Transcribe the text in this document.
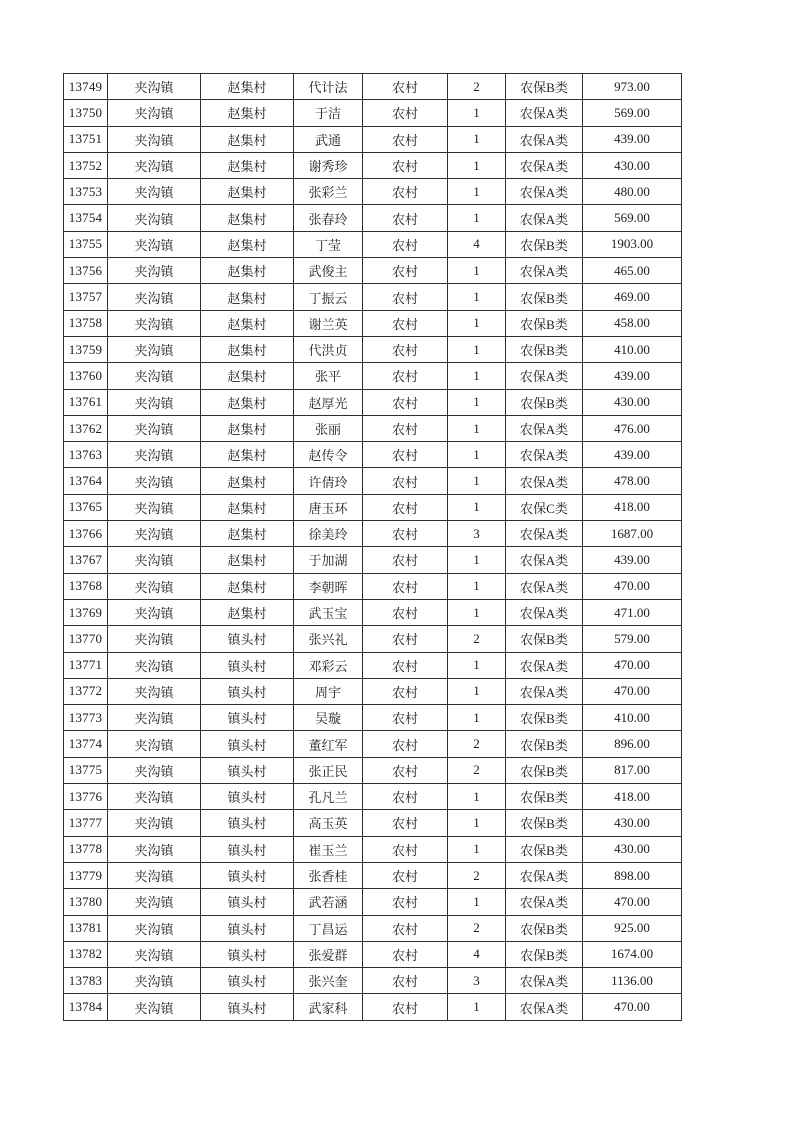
13749	夹沟镇	赵集村	代计法	农村	2	农保B类	973.00
13750	夹沟镇	赵集村	于洁	农村	1	农保A类	569.00
13751	夹沟镇	赵集村	武通	农村	1	农保A类	439.00
13752	夹沟镇	赵集村	谢秀珍	农村	1	农保A类	430.00
13753	夹沟镇	赵集村	张彩兰	农村	1	农保A类	480.00
13754	夹沟镇	赵集村	张春玲	农村	1	农保A类	569.00
13755	夹沟镇	赵集村	丁莹	农村	4	农保B类	1903.00
13756	夹沟镇	赵集村	武俊主	农村	1	农保A类	465.00
13757	夹沟镇	赵集村	丁振云	农村	1	农保B类	469.00
13758	夹沟镇	赵集村	谢兰英	农村	1	农保B类	458.00
13759	夹沟镇	赵集村	代洪贞	农村	1	农保B类	410.00
13760	夹沟镇	赵集村	张平	农村	1	农保A类	439.00
13761	夹沟镇	赵集村	赵厚光	农村	1	农保B类	430.00
13762	夹沟镇	赵集村	张丽	农村	1	农保A类	476.00
13763	夹沟镇	赵集村	赵传令	农村	1	农保A类	439.00
13764	夹沟镇	赵集村	许倩玲	农村	1	农保A类	478.00
13765	夹沟镇	赵集村	唐玉环	农村	1	农保C类	418.00
13766	夹沟镇	赵集村	徐美玲	农村	3	农保A类	1687.00
13767	夹沟镇	赵集村	于加湖	农村	1	农保A类	439.00
13768	夹沟镇	赵集村	李朝晖	农村	1	农保A类	470.00
13769	夹沟镇	赵集村	武玉宝	农村	1	农保A类	471.00
13770	夹沟镇	镇头村	张兴礼	农村	2	农保B类	579.00
13771	夹沟镇	镇头村	邓彩云	农村	1	农保A类	470.00
13772	夹沟镇	镇头村	周宇	农村	1	农保A类	470.00
13773	夹沟镇	镇头村	吴璇	农村	1	农保B类	410.00
13774	夹沟镇	镇头村	董红军	农村	2	农保B类	896.00
13775	夹沟镇	镇头村	张正民	农村	2	农保B类	817.00
13776	夹沟镇	镇头村	孔凡兰	农村	1	农保B类	418.00
13777	夹沟镇	镇头村	高玉英	农村	1	农保B类	430.00
13778	夹沟镇	镇头村	崔玉兰	农村	1	农保B类	430.00
13779	夹沟镇	镇头村	张香桂	农村	2	农保A类	898.00
13780	夹沟镇	镇头村	武若涵	农村	1	农保A类	470.00
13781	夹沟镇	镇头村	丁昌运	农村	2	农保B类	925.00
13782	夹沟镇	镇头村	张爱群	农村	4	农保B类	1674.00
13783	夹沟镇	镇头村	张兴奎	农村	3	农保A类	1136.00
13784	夹沟镇	镇头村	武家科	农村	1	农保A类	470.00
